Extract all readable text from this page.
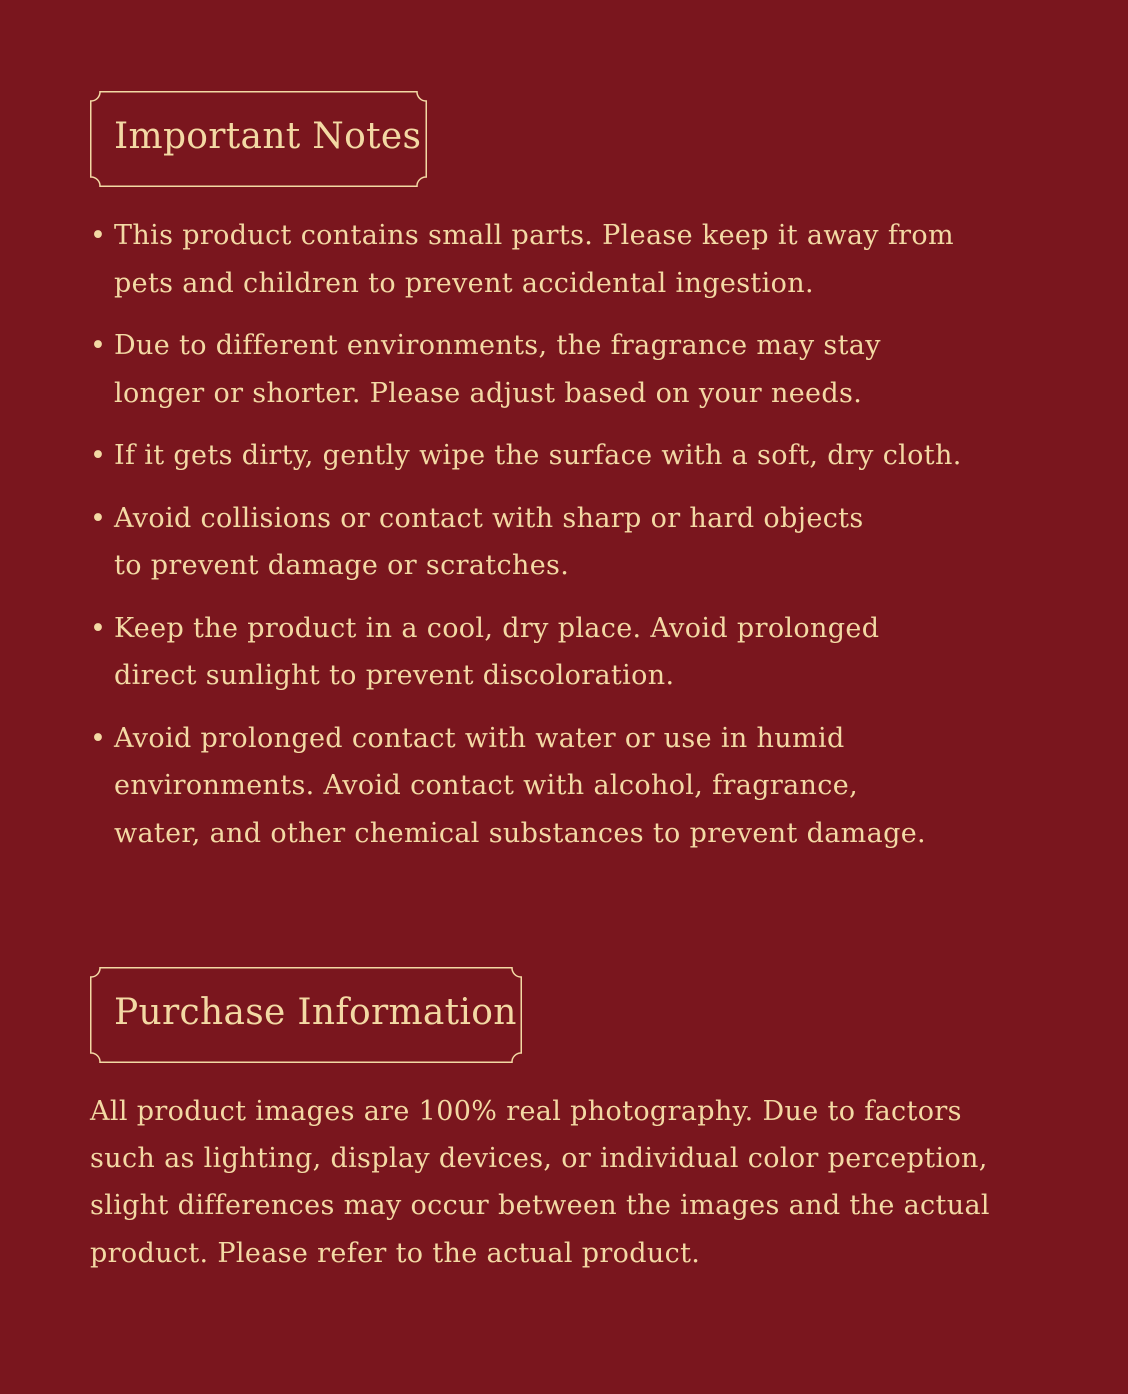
Important Notes
• This product contains small parts. Please keep it away from
pets and children to prevent accidental ingestion.
• Due to different environments, the fragrance may stay
longer or shorter. Please adjust based on your needs.
• If it gets dirty, gently wipe the surface with a soft, dry cloth.
• Avoid collisions or contact with sharp or hard objects
to prevent damage or scratches.
• Keep the product in a cool, dry place. Avoid prolonged
direct sunlight to prevent discoloration.
• Avoid prolonged contact with water or use in humid
environments. Avoid contact with alcohol, fragrance,
water, and other chemical substances to prevent damage.
Purchase Information
All product images are 100% real photography. Due to factors
such as lighting, display devices, or individual color perception,
slight differences may occur between the images and the actual
product. Please refer to the actual product.
